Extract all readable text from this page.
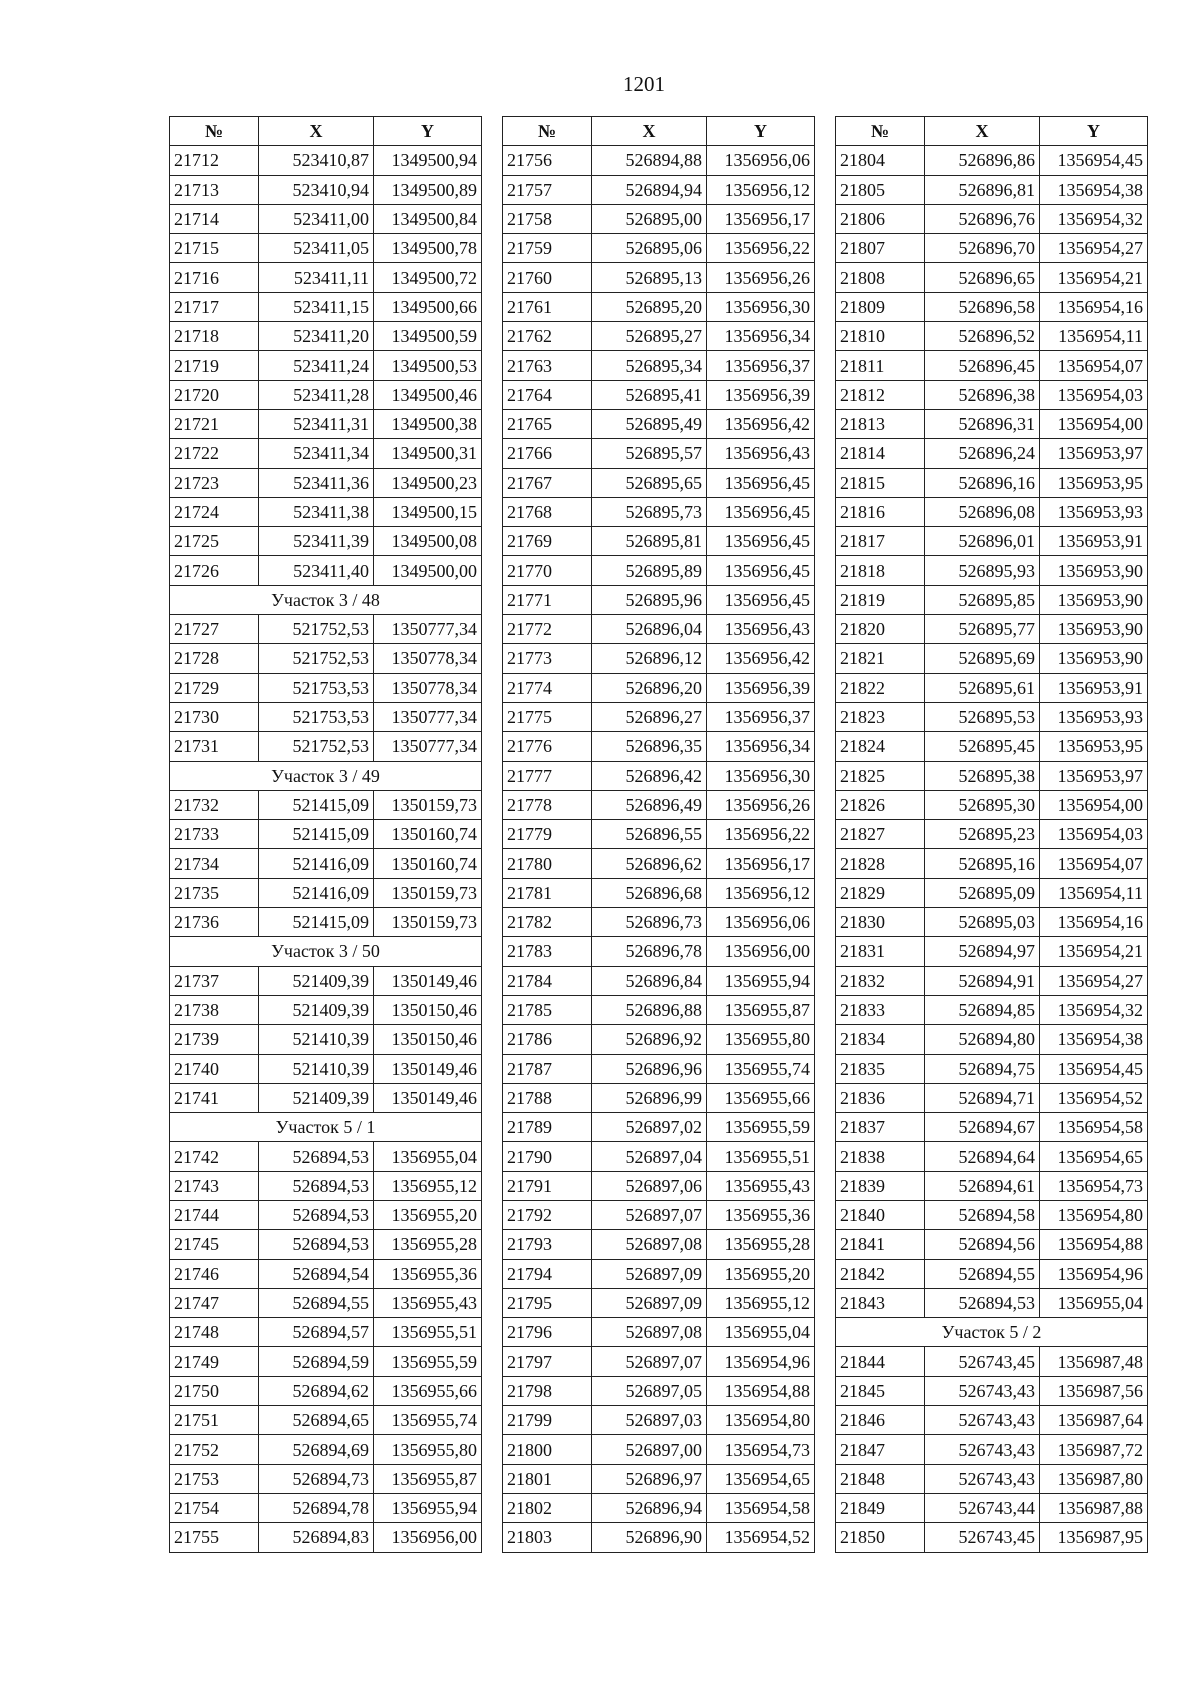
1201
№	X	Y
21712	523410,87	1349500,94
21713	523410,94	1349500,89
21714	523411,00	1349500,84
21715	523411,05	1349500,78
21716	523411,11	1349500,72
21717	523411,15	1349500,66
21718	523411,20	1349500,59
21719	523411,24	1349500,53
21720	523411,28	1349500,46
21721	523411,31	1349500,38
21722	523411,34	1349500,31
21723	523411,36	1349500,23
21724	523411,38	1349500,15
21725	523411,39	1349500,08
21726	523411,40	1349500,00
Участок 3 / 48		
21727	521752,53	1350777,34
21728	521752,53	1350778,34
21729	521753,53	1350778,34
21730	521753,53	1350777,34
21731	521752,53	1350777,34
Участок 3 / 49		
21732	521415,09	1350159,73
21733	521415,09	1350160,74
21734	521416,09	1350160,74
21735	521416,09	1350159,73
21736	521415,09	1350159,73
Участок 3 / 50		
21737	521409,39	1350149,46
21738	521409,39	1350150,46
21739	521410,39	1350150,46
21740	521410,39	1350149,46
21741	521409,39	1350149,46
Участок 5 / 1		
21742	526894,53	1356955,04
21743	526894,53	1356955,12
21744	526894,53	1356955,20
21745	526894,53	1356955,28
21746	526894,54	1356955,36
21747	526894,55	1356955,43
21748	526894,57	1356955,51
21749	526894,59	1356955,59
21750	526894,62	1356955,66
21751	526894,65	1356955,74
21752	526894,69	1356955,80
21753	526894,73	1356955,87
21754	526894,78	1356955,94
21755	526894,83	1356956,00
№	X	Y
21756	526894,88	1356956,06
21757	526894,94	1356956,12
21758	526895,00	1356956,17
21759	526895,06	1356956,22
21760	526895,13	1356956,26
21761	526895,20	1356956,30
21762	526895,27	1356956,34
21763	526895,34	1356956,37
21764	526895,41	1356956,39
21765	526895,49	1356956,42
21766	526895,57	1356956,43
21767	526895,65	1356956,45
21768	526895,73	1356956,45
21769	526895,81	1356956,45
21770	526895,89	1356956,45
21771	526895,96	1356956,45
21772	526896,04	1356956,43
21773	526896,12	1356956,42
21774	526896,20	1356956,39
21775	526896,27	1356956,37
21776	526896,35	1356956,34
21777	526896,42	1356956,30
21778	526896,49	1356956,26
21779	526896,55	1356956,22
21780	526896,62	1356956,17
21781	526896,68	1356956,12
21782	526896,73	1356956,06
21783	526896,78	1356956,00
21784	526896,84	1356955,94
21785	526896,88	1356955,87
21786	526896,92	1356955,80
21787	526896,96	1356955,74
21788	526896,99	1356955,66
21789	526897,02	1356955,59
21790	526897,04	1356955,51
21791	526897,06	1356955,43
21792	526897,07	1356955,36
21793	526897,08	1356955,28
21794	526897,09	1356955,20
21795	526897,09	1356955,12
21796	526897,08	1356955,04
21797	526897,07	1356954,96
21798	526897,05	1356954,88
21799	526897,03	1356954,80
21800	526897,00	1356954,73
21801	526896,97	1356954,65
21802	526896,94	1356954,58
21803	526896,90	1356954,52
№	X	Y
21804	526896,86	1356954,45
21805	526896,81	1356954,38
21806	526896,76	1356954,32
21807	526896,70	1356954,27
21808	526896,65	1356954,21
21809	526896,58	1356954,16
21810	526896,52	1356954,11
21811	526896,45	1356954,07
21812	526896,38	1356954,03
21813	526896,31	1356954,00
21814	526896,24	1356953,97
21815	526896,16	1356953,95
21816	526896,08	1356953,93
21817	526896,01	1356953,91
21818	526895,93	1356953,90
21819	526895,85	1356953,90
21820	526895,77	1356953,90
21821	526895,69	1356953,90
21822	526895,61	1356953,91
21823	526895,53	1356953,93
21824	526895,45	1356953,95
21825	526895,38	1356953,97
21826	526895,30	1356954,00
21827	526895,23	1356954,03
21828	526895,16	1356954,07
21829	526895,09	1356954,11
21830	526895,03	1356954,16
21831	526894,97	1356954,21
21832	526894,91	1356954,27
21833	526894,85	1356954,32
21834	526894,80	1356954,38
21835	526894,75	1356954,45
21836	526894,71	1356954,52
21837	526894,67	1356954,58
21838	526894,64	1356954,65
21839	526894,61	1356954,73
21840	526894,58	1356954,80
21841	526894,56	1356954,88
21842	526894,55	1356954,96
21843	526894,53	1356955,04
Участок 5 / 2		
21844	526743,45	1356987,48
21845	526743,43	1356987,56
21846	526743,43	1356987,64
21847	526743,43	1356987,72
21848	526743,43	1356987,80
21849	526743,44	1356987,88
21850	526743,45	1356987,95
